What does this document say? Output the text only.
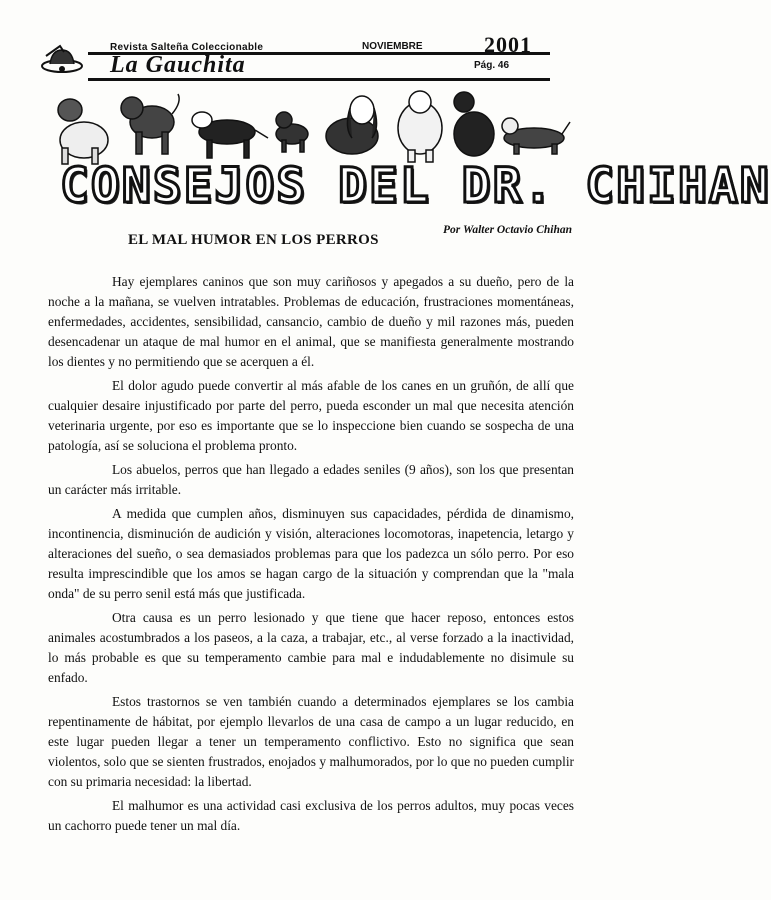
Revista Salteña Coleccionable
La Gauchita
NOVIEMBRE	2001
Pág. 46
CONSEJOS DEL DR. CHIHAN
Por Walter Octavio Chihan
EL MAL HUMOR EN LOS PERROS

Hay ejemplares caninos que son muy cariñosos y apegados a su dueño, pero de la noche a la mañana, se vuelven intratables. Problemas de educación, frustraciones momentáneas, enfermedades, accidentes, sensibilidad, cansancio, cambio de dueño y mil razones más, pueden desencadenar un ataque de mal humor en el animal, que se manifiesta generalmente mostrando los dientes y no permitiendo que se acerquen a él.

El dolor agudo puede convertir al más afable de los canes en un gruñón, de allí que cualquier desaire injustificado por parte del perro, pueda esconder un mal que necesita atención veterinaria urgente, por eso es importante que se lo inspeccione bien cuando se sospecha de una patología, así se soluciona el problema pronto.

Los abuelos, perros que han llegado a edades seniles (9 años), son los que presentan un carácter más irritable.

A medida que cumplen años, disminuyen sus capacidades, pérdida de dinamismo, incontinencia, disminución de audición y visión, alteraciones locomotoras, inapetencia, letargo y alteraciones del sueño, o sea demasiados problemas para que los padezca un sólo perro. Por eso resulta imprescindible que los amos se hagan cargo de la situación y comprendan que la "mala onda" de su perro senil está más que justificada.

Otra causa es un perro lesionado y que tiene que hacer reposo, entonces estos animales acostumbrados a los paseos, a la caza, a trabajar, etc., al verse forzado a la inactividad, lo más probable es que su temperamento cambie para mal e indudablemente no disimule su enfado.

Estos trastornos se ven también cuando a determinados ejemplares se los cambia repentinamente de hábitat, por ejemplo llevarlos de una casa de campo a un lugar reducido, en este lugar pueden llegar a tener un temperamento conflictivo. Esto no significa que sean violentos, solo que se sienten frustrados, enojados y malhumorados, por lo que no pueden cumplir con su primaria necesidad: la libertad.

El malhumor es una actividad casi exclusiva de los perros adultos, muy pocas veces un cachorro puede tener un mal día.
